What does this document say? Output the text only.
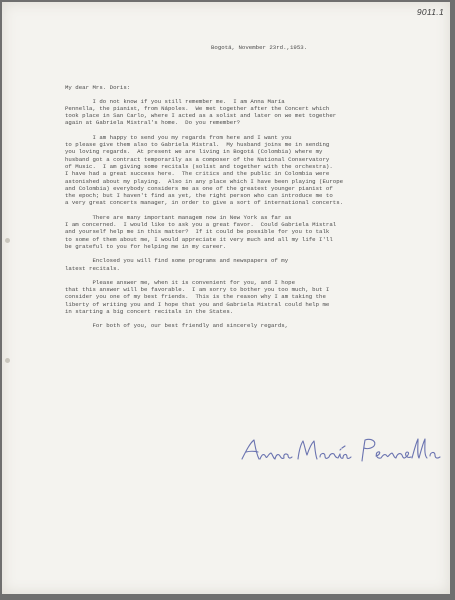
9011.1
Bogotá, November 23rd.,1953.
My dear Mrs. Doris:
I do not know if you still remember me.  I am Anna María
Pennella, the pianist, from Nápoles.  We met together after the Concert which
took place in San Carlo, where I acted as a solist and later on we met together
again at Gabriela Mistral's home.  Do you remember?
I am happy to send you my regards from here and I want you
to please give them also to Gabriela Mistral.  My husband joins me in sending
you loving regards.  At present we are living in Bogotá (Colombia) where my
husband got a contract temporarily as a composer of the National Conservatory
of Music.  I am giving some recitals (solist and together with the orchestra).
I have had a great success here.  The critics and the public in Colombia were
astonished about my playing.  Also in any place which I have been playing (Europe
and Colombia) everybody considers me as one of the greatest younger pianist of
the epoch; but I haven't find as yet, the right person who can introduce me to
a very great concerts manager, in order to give a sort of international concerts.
There are many important managem now in New York as far as
I am concerned.  I would like to ask you a great favor.  Could Gabriela Mistral
and yourself help me in this matter?  If it could be possible for you to talk
to some of them about me, I would appreciate it very much and all my life I'll
be grateful to you for helping me in my career.
Enclosed you will find some programs and newspapers of my
latest recitals.
Please answer me, when it is convenient for you, and I hope
that this answer will be favorable.  I am sorry to bother you too much, but I
consider you one of my best friends.  This is the reason why I am taking the
liberty of writing you and I hope that you and Gabriela Mistral could help me
in starting a big concert recitals in the States.
For both of you, our best friendly and sincerely regards,
